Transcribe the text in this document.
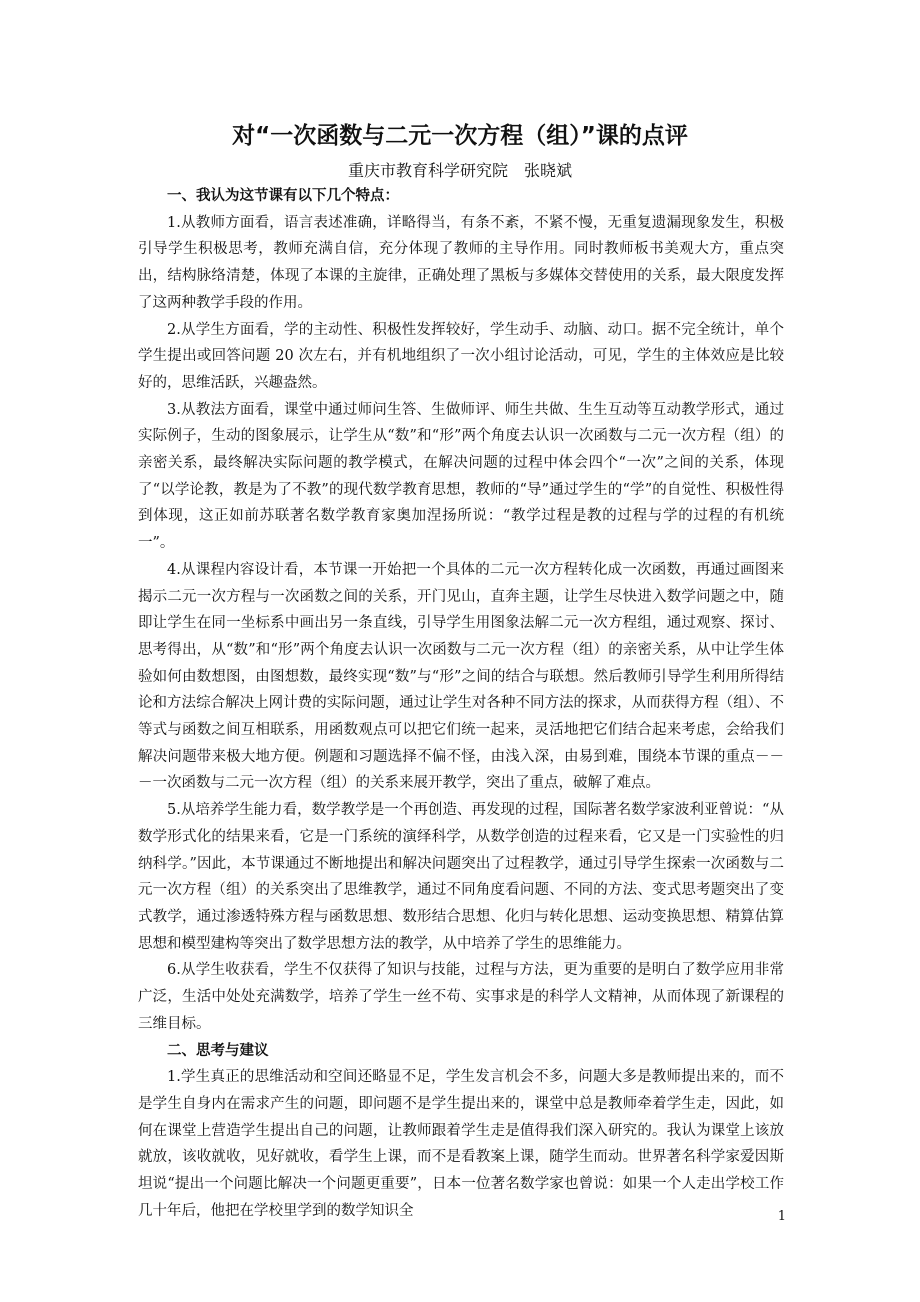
对“一次函数与二元一次方程（组）”课的点评
重庆市教育科学研究院　张晓斌
一、我认为这节课有以下几个特点：

1.从教师方面看，语言表述准确，详略得当，有条不紊，不紧不慢，无重复遗漏现象发生，积极引导学生积极思考，教师充满自信，充分体现了教师的主导作用。同时教师板书美观大方，重点突出，结构脉络清楚，体现了本课的主旋律，正确处理了黑板与多媒体交替使用的关系，最大限度发挥了这两种教学手段的作用。

2.从学生方面看，学的主动性、积极性发挥较好，学生动手、动脑、动口。据不完全统计，单个学生提出或回答问题 20 次左右，并有机地组织了一次小组讨论活动，可见，学生的主体效应是比较好的，思维活跃，兴趣盎然。

3.从教法方面看，课堂中通过师问生答、生做师评、师生共做、生生互动等互动教学形式，通过实际例子，生动的图象展示，让学生从“数”和“形”两个角度去认识一次函数与二元一次方程（组）的亲密关系，最终解决实际问题的教学模式，在解决问题的过程中体会四个“一次”之间的关系，体现了“以学论教，教是为了不教”的现代数学教育思想，教师的“导”通过学生的“学”的自觉性、积极性得到体现，这正如前苏联著名数学教育家奥加涅扬所说：“教学过程是教的过程与学的过程的有机统一”。

4.从课程内容设计看，本节课一开始把一个具体的二元一次方程转化成一次函数，再通过画图来揭示二元一次方程与一次函数之间的关系，开门见山，直奔主题，让学生尽快进入数学问题之中，随即让学生在同一坐标系中画出另一条直线，引导学生用图象法解二元一次方程组，通过观察、探讨、思考得出，从“数”和“形”两个角度去认识一次函数与二元一次方程（组）的亲密关系，从中让学生体验如何由数想图，由图想数，最终实现“数”与“形”之间的结合与联想。然后教师引导学生利用所得结论和方法综合解决上网计费的实际问题，通过让学生对各种不同方法的探求，从而获得方程（组）、不等式与函数之间互相联系，用函数观点可以把它们统一起来，灵活地把它们结合起来考虑，会给我们解决问题带来极大地方便。例题和习题选择不偏不怪，由浅入深，由易到难，围绕本节课的重点－－－一次函数与二元一次方程（组）的关系来展开教学，突出了重点，破解了难点。

5.从培养学生能力看，数学教学是一个再创造、再发现的过程，国际著名数学家波利亚曾说：“从数学形式化的结果来看，它是一门系统的演绎科学，从数学创造的过程来看，它又是一门实验性的归纳科学。”因此，本节课通过不断地提出和解决问题突出了过程教学，通过引导学生探索一次函数与二元一次方程（组）的关系突出了思维教学，通过不同角度看问题、不同的方法、变式思考题突出了变式教学，通过渗透特殊方程与函数思想、数形结合思想、化归与转化思想、运动变换思想、精算估算思想和模型建构等突出了数学思想方法的教学，从中培养了学生的思维能力。

6.从学生收获看，学生不仅获得了知识与技能，过程与方法，更为重要的是明白了数学应用非常广泛，生活中处处充满数学，培养了学生一丝不苟、实事求是的科学人文精神，从而体现了新课程的三维目标。

二、思考与建议

1.学生真正的思维活动和空间还略显不足，学生发言机会不多，问题大多是教师提出来的，而不是学生自身内在需求产生的问题，即问题不是学生提出来的，课堂中总是教师牵着学生走，因此，如何在课堂上营造学生提出自己的问题，让教师跟着学生走是值得我们深入研究的。我认为课堂上该放就放，该收就收，见好就收，看学生上课，而不是看教案上课，随学生而动。世界著名科学家爱因斯坦说“提出一个问题比解决一个问题更重要”，日本一位著名数学家也曾说：如果一个人走出学校工作几十年后，他把在学校里学到的数学知识全	1
